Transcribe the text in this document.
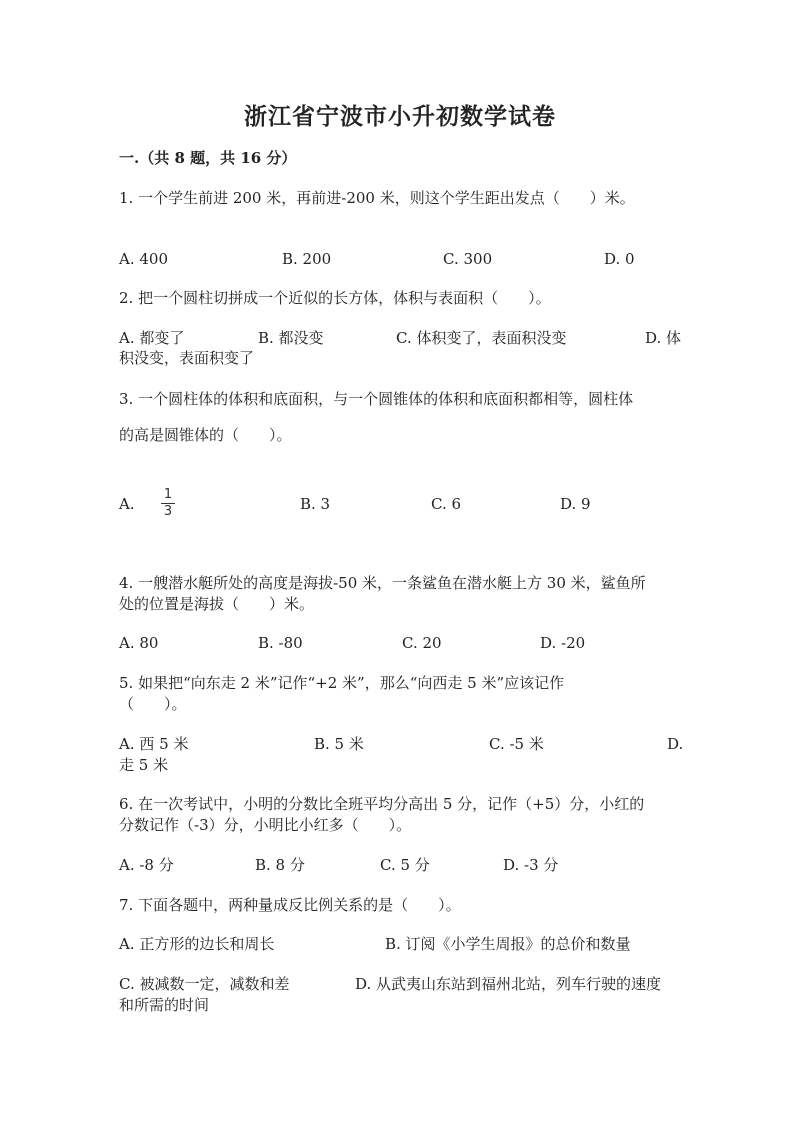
浙江省宁波市小升初数学试卷
一.（共 8 题，共 16 分）
1. 一个学生前进 200 米，再前进-200 米，则这个学生距出发点（　　）米。
A. 400	B. 200	C. 300	D. 0
2. 把一个圆柱切拼成一个近似的长方体，体积与表面积（　　）。
A. 都变了	B. 都没变	C. 体积变了，表面积没变	D. 体
积没变，表面积变了
3. 一个圆柱体的体积和底面积，与一个圆锥体的体积和底面积都相等，圆柱体
的高是圆锥体的（　　）。
A.
1
3	B. 3	C. 6	D. 9
4. 一艘潜水艇所处的高度是海拔-50 米，一条鲨鱼在潜水艇上方 30 米，鲨鱼所
处的位置是海拔（　　）米。
A. 80	B. -80	C. 20	D. -20
5. 如果把“向东走 2 米”记作“+2 米”，那么“向西走 5 米”应该记作
（　　）。
A. 西 5 米	B. 5 米	C. -5 米	D.
走 5 米
6. 在一次考试中，小明的分数比全班平均分高出 5 分，记作（+5）分，小红的
分数记作（-3）分，小明比小红多（　　）。
A. -8 分	B. 8 分	C. 5 分	D. -3 分
7. 下面各题中，两种量成反比例关系的是（　　）。
A. 正方形的边长和周长	B. 订阅《小学生周报》的总价和数量
C. 被减数一定，减数和差	D. 从武夷山东站到福州北站，列车行驶的速度
和所需的时间
